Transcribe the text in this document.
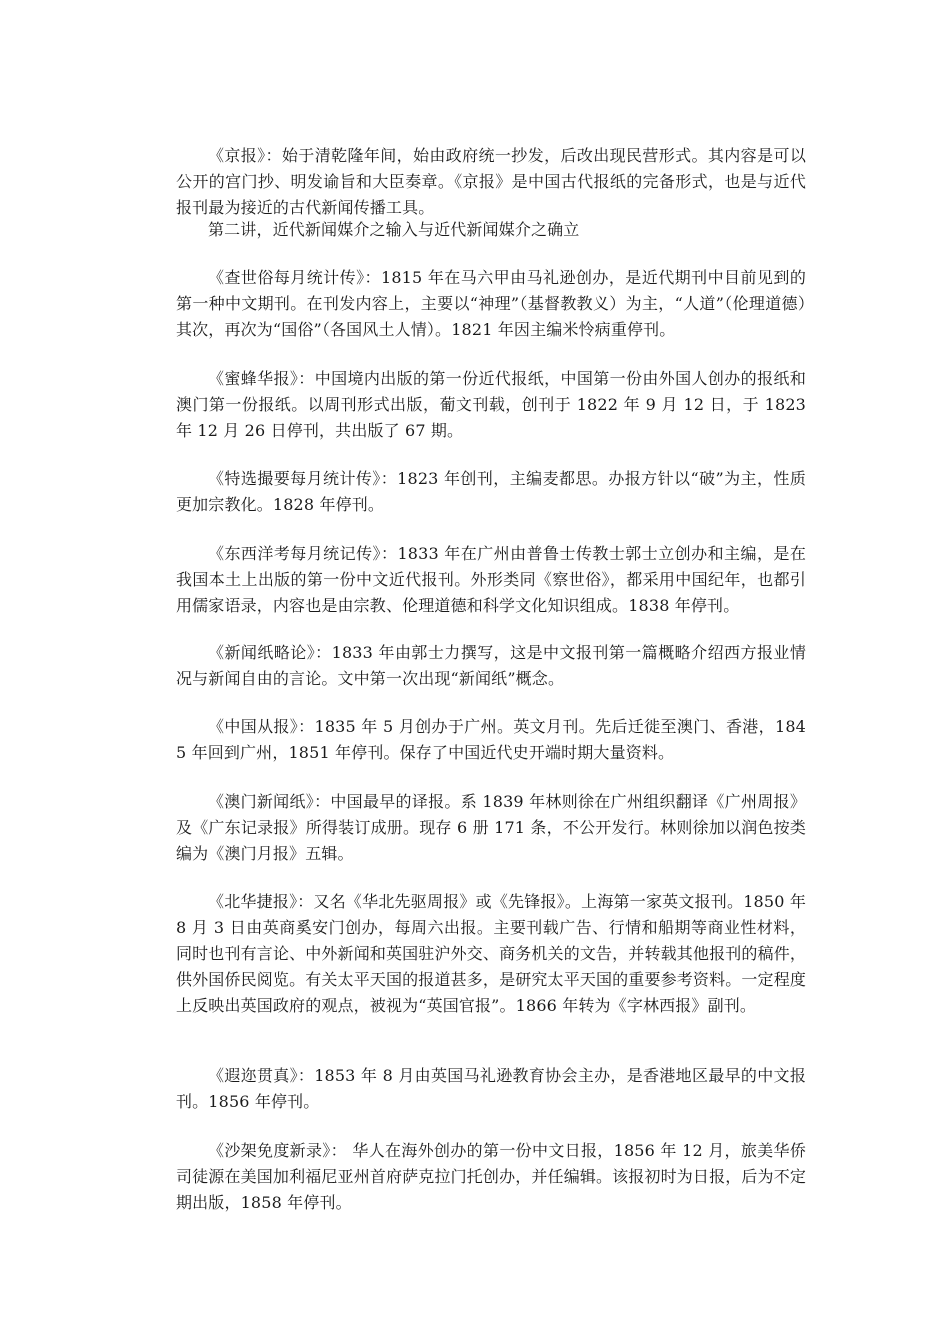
《京报》：始于清乾隆年间，始由政府统一抄发，后改出现民营形式。其内容是可以公开的宫门抄、明发谕旨和大臣奏章。《京报》是中国古代报纸的完备形式，也是与近代报刊最为接近的古代新闻传播工具。

第二讲，近代新闻媒介之输入与近代新闻媒介之确立

《查世俗每月统计传》：1815 年在马六甲由马礼逊创办，是近代期刊中目前见到的第一种中文期刊。在刊发内容上，主要以“神理”（基督教教义）为主，“人道”（伦理道德）其次，再次为“国俗”（各国风土人情）。1821 年因主编米怜病重停刊。

《蜜蜂华报》：中国境内出版的第一份近代报纸，中国第一份由外国人创办的报纸和澳门第一份报纸。以周刊形式出版，葡文刊载，创刊于 1822 年 9 月 12 日，于 1823 年 12 月 26 日停刊，共出版了 67 期。

《特选撮要每月统计传》：1823 年创刊，主编麦都思。办报方针以“破”为主，性质更加宗教化。1828 年停刊。

《东西洋考每月统记传》：1833 年在广州由普鲁士传教士郭士立创办和主编，是在我国本土上出版的第一份中文近代报刊。外形类同《察世俗》，都采用中国纪年，也都引用儒家语录，内容也是由宗教、伦理道德和科学文化知识组成。1838 年停刊。

《新闻纸略论》：1833 年由郭士力撰写，这是中文报刊第一篇概略介绍西方报业情况与新闻自由的言论。文中第一次出现“新闻纸”概念。

《中国从报》：1835 年 5 月创办于广州。英文月刊。先后迁徙至澳门、香港，1845 年回到广州，1851 年停刊。保存了中国近代史开端时期大量资料。

《澳门新闻纸》：中国最早的译报。系 1839 年林则徐在广州组织翻译《广州周报》及《广东记录报》所得装订成册。现存 6 册 171 条，不公开发行。林则徐加以润色按类编为《澳门月报》五辑。

《北华捷报》：又名《华北先驱周报》或《先锋报》。上海第一家英文报刊。1850 年 8 月 3 日由英商奚安门创办，每周六出报。主要刊载广告、行情和船期等商业性材料，同时也刊有言论、中外新闻和英国驻沪外交、商务机关的文告，并转载其他报刊的稿件，供外国侨民阅览。有关太平天国的报道甚多，是研究太平天国的重要参考资料。一定程度上反映出英国政府的观点，被视为“英国官报”。1866 年转为《字林西报》副刊。

《遐迩贯真》：1853 年 8 月由英国马礼逊教育协会主办，是香港地区最早的中文报刊。1856 年停刊。

《沙架免度新录》： 华人在海外创办的第一份中文日报，1856 年 12 月，旅美华侨司徒源在美国加利福尼亚州首府萨克拉门托创办，并任编辑。该报初时为日报，后为不定期出版，1858 年停刊。
